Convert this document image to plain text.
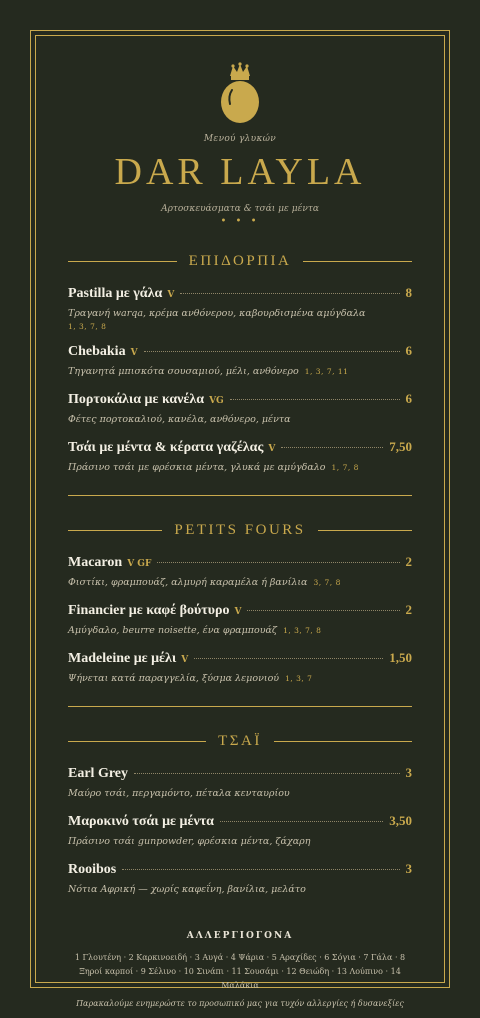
Μενού γλυκών
DAR LAYLA
Αρτοσκευάσματα & τσάι με μέντα
• • •
ΕΠΙΔΟΡΠΙΑ
Pastilla με γάλα V	8
Τραγανή warqa, κρέμα ανθόνερου, καβουρδισμένα αμύγδαλα
1, 3, 7, 8
Chebakia V	6
Τηγανητά μπισκότα σουσαμιού, μέλι, ανθόνερο 1, 3, 7, 11
Πορτοκάλια με κανέλα VG	6
Φέτες πορτοκαλιού, κανέλα, ανθόνερο, μέντα
Τσάι με μέντα & κέρατα γαζέλας V	7,50
Πράσινο τσάι με φρέσκια μέντα, γλυκά με αμύγδαλο 1, 7, 8
PETITS FOURS
Macaron V GF	2
Φιστίκι, φραμπουάζ, αλμυρή καραμέλα ή βανίλια 3, 7, 8
Financier με καφέ βούτυρο V	2
Αμύγδαλο, beurre noisette, ένα φραμπουάζ 1, 3, 7, 8
Madeleine με μέλι V	1,50
Ψήνεται κατά παραγγελία, ξύσμα λεμονιού 1, 3, 7
ΤΣΑΪ
Earl Grey	3
Μαύρο τσάι, περγαμόντο, πέταλα κενταυρίου
Μαροκινό τσάι με μέντα	3,50
Πράσινο τσάι gunpowder, φρέσκια μέντα, ζάχαρη
Rooibos	3
Νότια Αφρική — χωρίς καφεΐνη, βανίλια, μελάτο
ΑΛΛΕΡΓΙΟΓΟΝΑ
1 Γλουτένη · 2 Καρκινοειδή · 3 Αυγά · 4 Ψάρια · 5 Αραχίδες · 6 Σόγια · 7 Γάλα · 8 Ξηροί καρποί · 9 Σέλινο · 10 Σινάπι · 11 Σουσάμι · 12 Θειώδη · 13 Λούπινο · 14 Μαλάκια
Παρακαλούμε ενημερώστε το προσωπικό μας για τυχόν αλλεργίες ή δυσανεξίες
